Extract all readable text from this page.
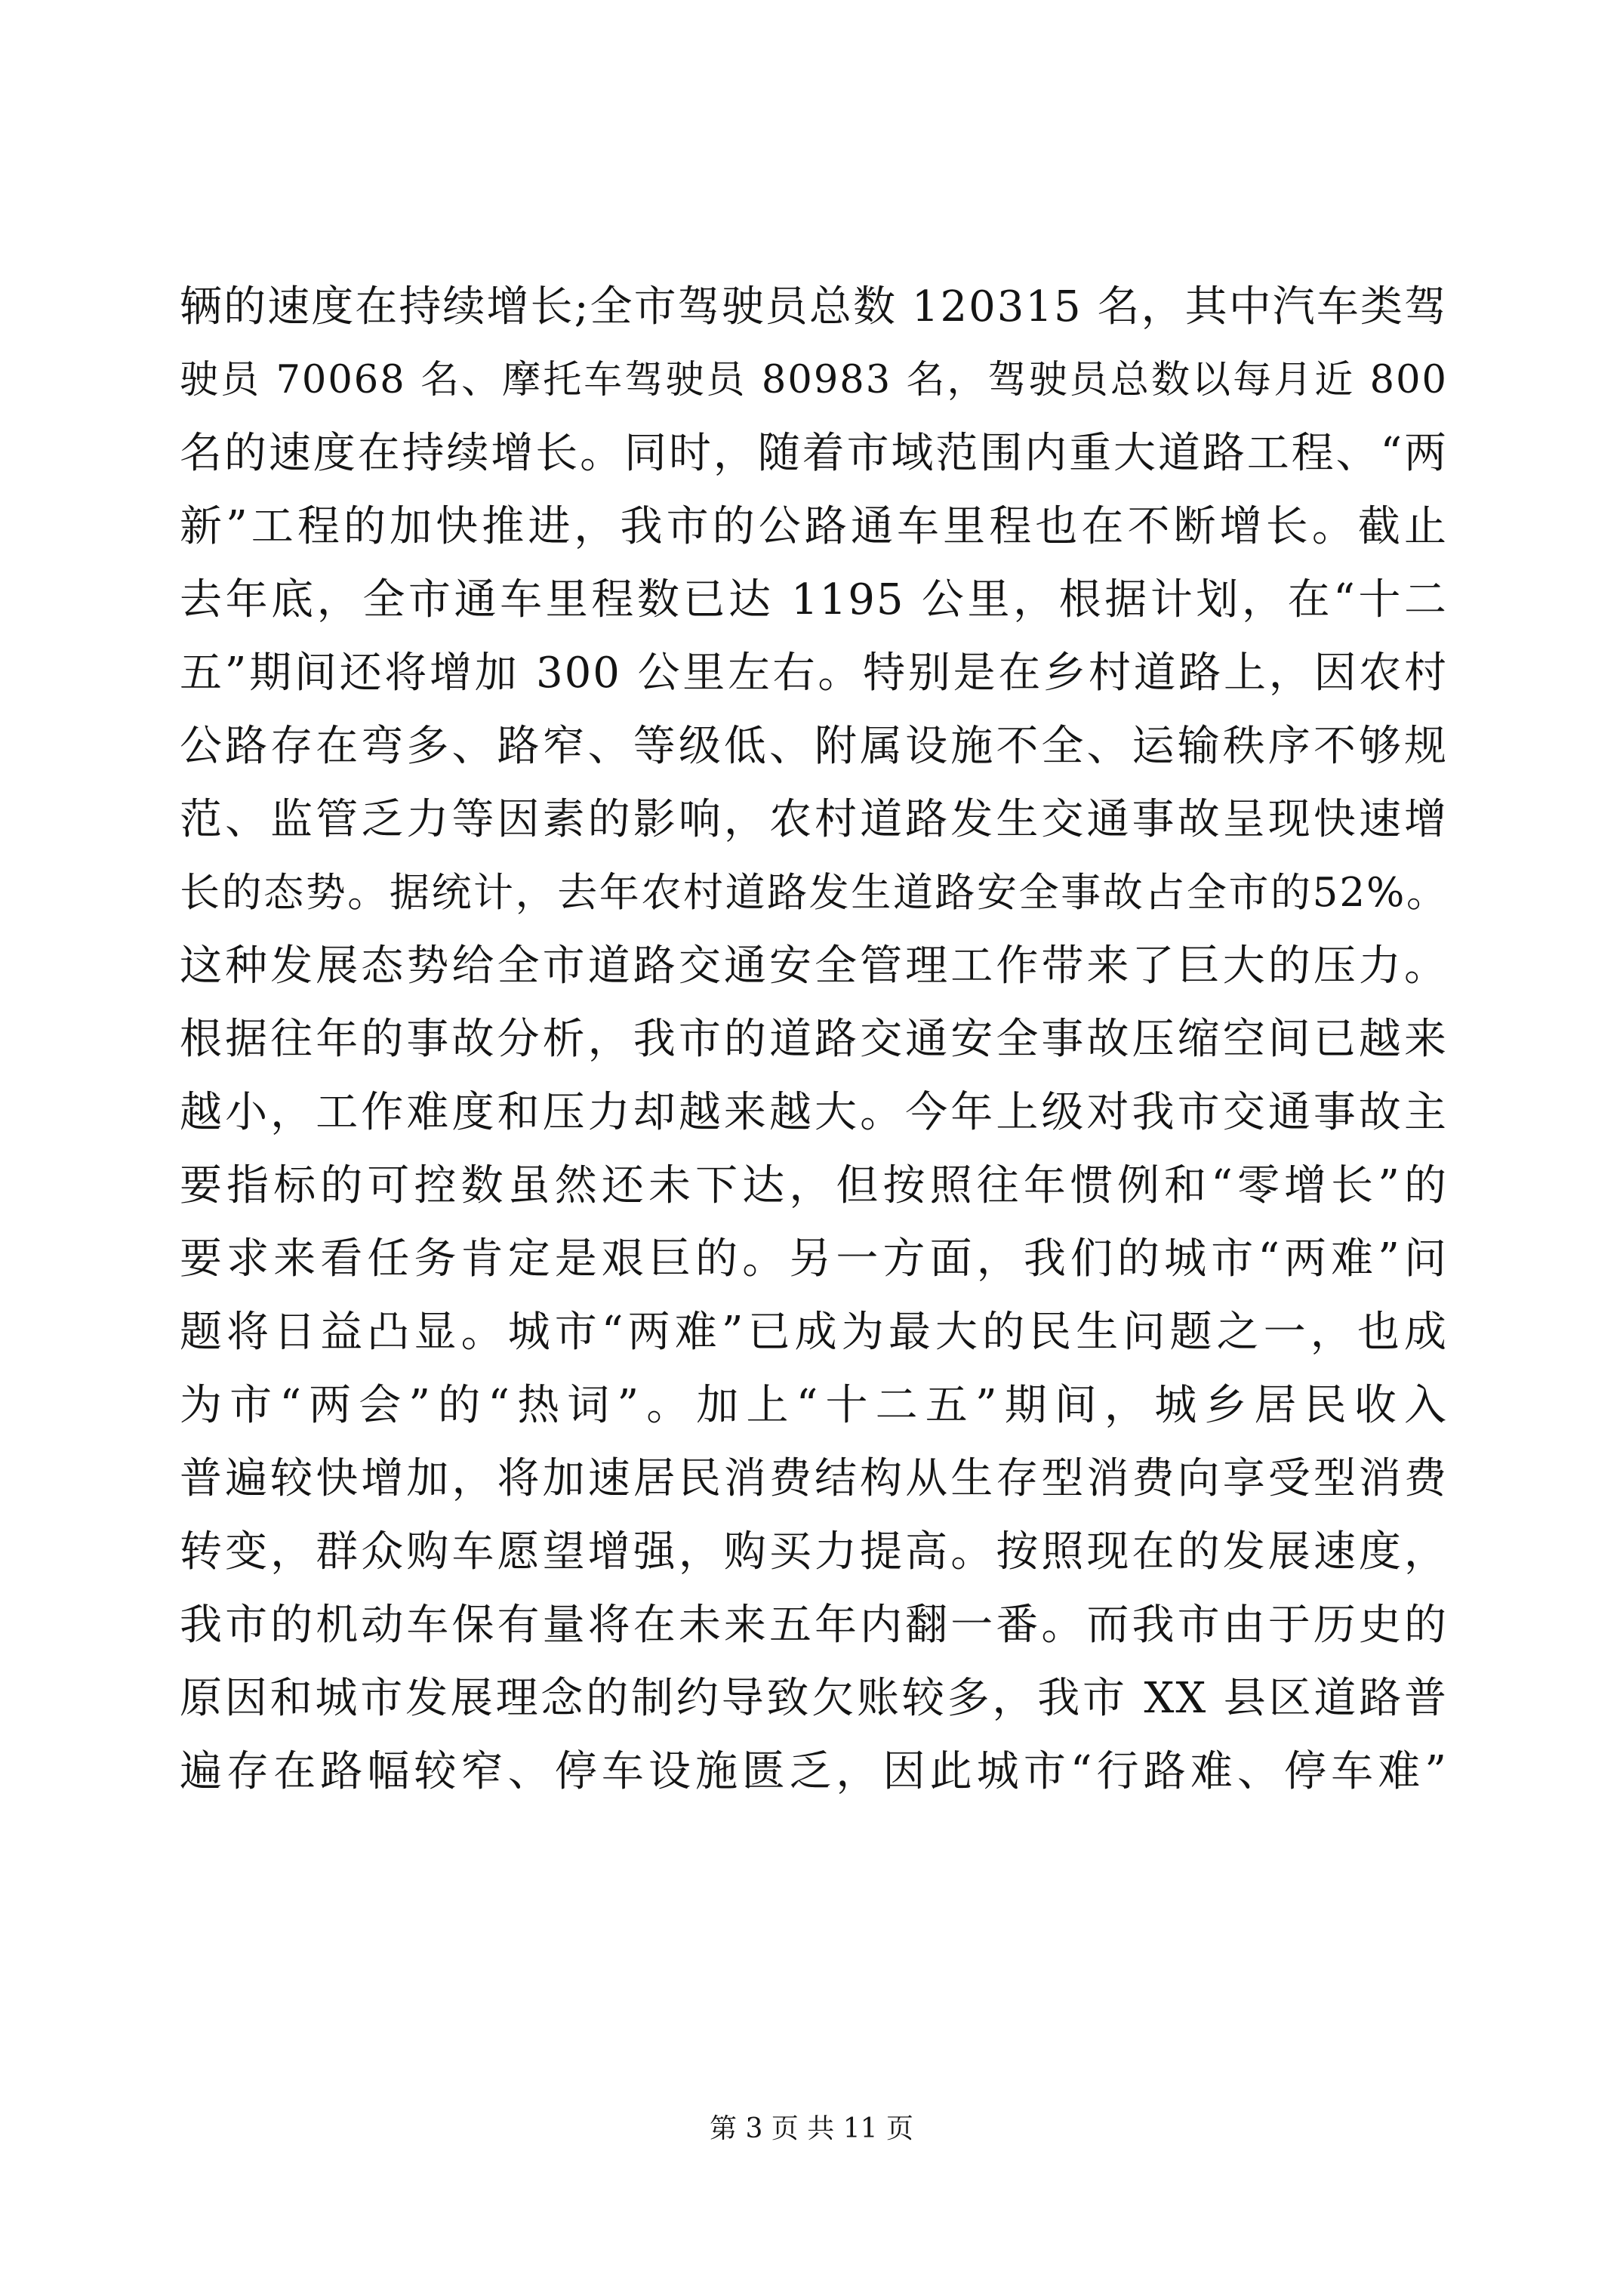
辆的速度在持续增长;全市驾驶员总数 120315 名，其中汽车类驾
驶员 70068 名、摩托车驾驶员 80983 名，驾驶员总数以每月近 800
名的速度在持续增长。同时，随着市域范围内重大道路工程、“两
新”工程的加快推进，我市的公路通车里程也在不断增长。截止
去年底，全市通车里程数已达 1195 公里，根据计划，在“十二
五”期间还将增加 300 公里左右。特别是在乡村道路上，因农村
公路存在弯多、路窄、等级低、附属设施不全、运输秩序不够规
范、监管乏力等因素的影响，农村道路发生交通事故呈现快速增
长的态势。据统计，去年农村道路发生道路安全事故占全市的52%。
这种发展态势给全市道路交通安全管理工作带来了巨大的压力。
根据往年的事故分析，我市的道路交通安全事故压缩空间已越来
越小，工作难度和压力却越来越大。今年上级对我市交通事故主
要指标的可控数虽然还未下达，但按照往年惯例和“零增长”的
要求来看任务肯定是艰巨的。另一方面，我们的城市“两难”问
题将日益凸显。城市“两难”已成为最大的民生问题之一，也成
为市“两会”的“热词”。加上“十二五”期间，城乡居民收入
普遍较快增加，将加速居民消费结构从生存型消费向享受型消费
转变，群众购车愿望增强，购买力提高。按照现在的发展速度，
我市的机动车保有量将在未来五年内翻一番。而我市由于历史的
原因和城市发展理念的制约导致欠账较多，我市 XX 县区道路普
遍存在路幅较窄、停车设施匮乏，因此城市“行路难、停车难”
第 3 页 共 11 页
